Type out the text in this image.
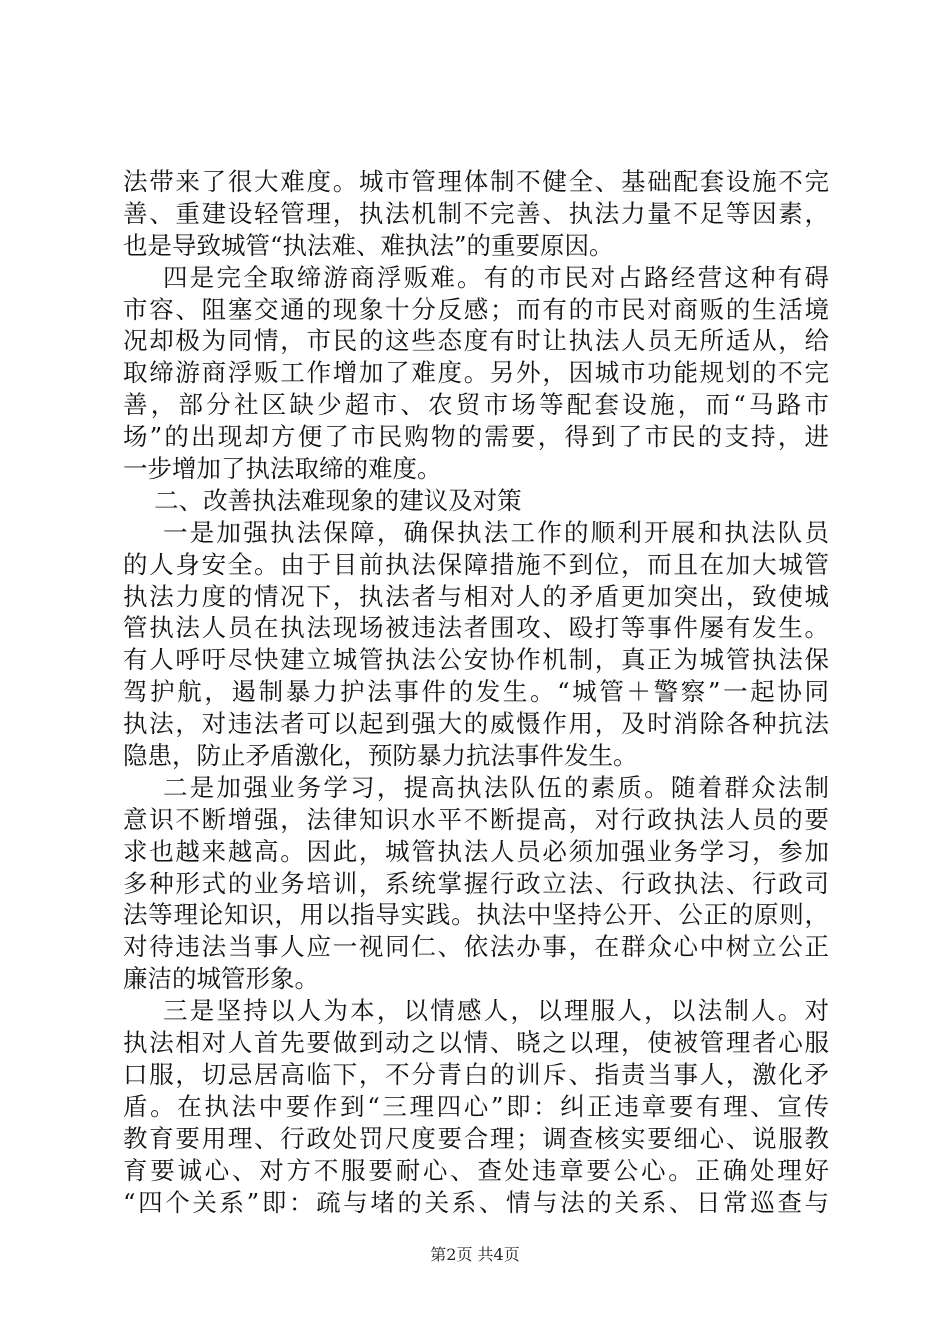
法带来了很大难度。城市管理体制不健全、基础配套设施不完
善、重建设轻管理，执法机制不完善、执法力量不足等因素，
也是导致城管“执法难、难执法”的重要原因。
四是完全取缔游商浮贩难。有的市民对占路经营这种有碍
市容、阻塞交通的现象十分反感；而有的市民对商贩的生活境
况却极为同情，市民的这些态度有时让执法人员无所适从，给
取缔游商浮贩工作增加了难度。另外，因城市功能规划的不完
善，部分社区缺少超市、农贸市场等配套设施，而“马路市
场”的出现却方便了市民购物的需要，得到了市民的支持，进
一步增加了执法取缔的难度。
二、改善执法难现象的建议及对策
一是加强执法保障，确保执法工作的顺利开展和执法队员
的人身安全。由于目前执法保障措施不到位，而且在加大城管
执法力度的情况下，执法者与相对人的矛盾更加突出，致使城
管执法人员在执法现场被违法者围攻、殴打等事件屡有发生。
有人呼吁尽快建立城管执法公安协作机制，真正为城管执法保
驾护航，遏制暴力护法事件的发生。“城管＋警察”一起协同
执法，对违法者可以起到强大的威慑作用，及时消除各种抗法
隐患，防止矛盾激化，预防暴力抗法事件发生。
二是加强业务学习，提高执法队伍的素质。随着群众法制
意识不断增强，法律知识水平不断提高，对行政执法人员的要
求也越来越高。因此，城管执法人员必须加强业务学习，参加
多种形式的业务培训，系统掌握行政立法、行政执法、行政司
法等理论知识，用以指导实践。执法中坚持公开、公正的原则，
对待违法当事人应一视同仁、依法办事，在群众心中树立公正
廉洁的城管形象。
三是坚持以人为本，以情感人，以理服人，以法制人。对
执法相对人首先要做到动之以情、晓之以理，使被管理者心服
口服，切忌居高临下，不分青白的训斥、指责当事人，激化矛
盾。在执法中要作到“三理四心”即：纠正违章要有理、宣传
教育要用理、行政处罚尺度要合理；调查核实要细心、说服教
育要诚心、对方不服要耐心、查处违章要公心。正确处理好
“四个关系”即：疏与堵的关系、情与法的关系、日常巡查与
第2页 共4页
